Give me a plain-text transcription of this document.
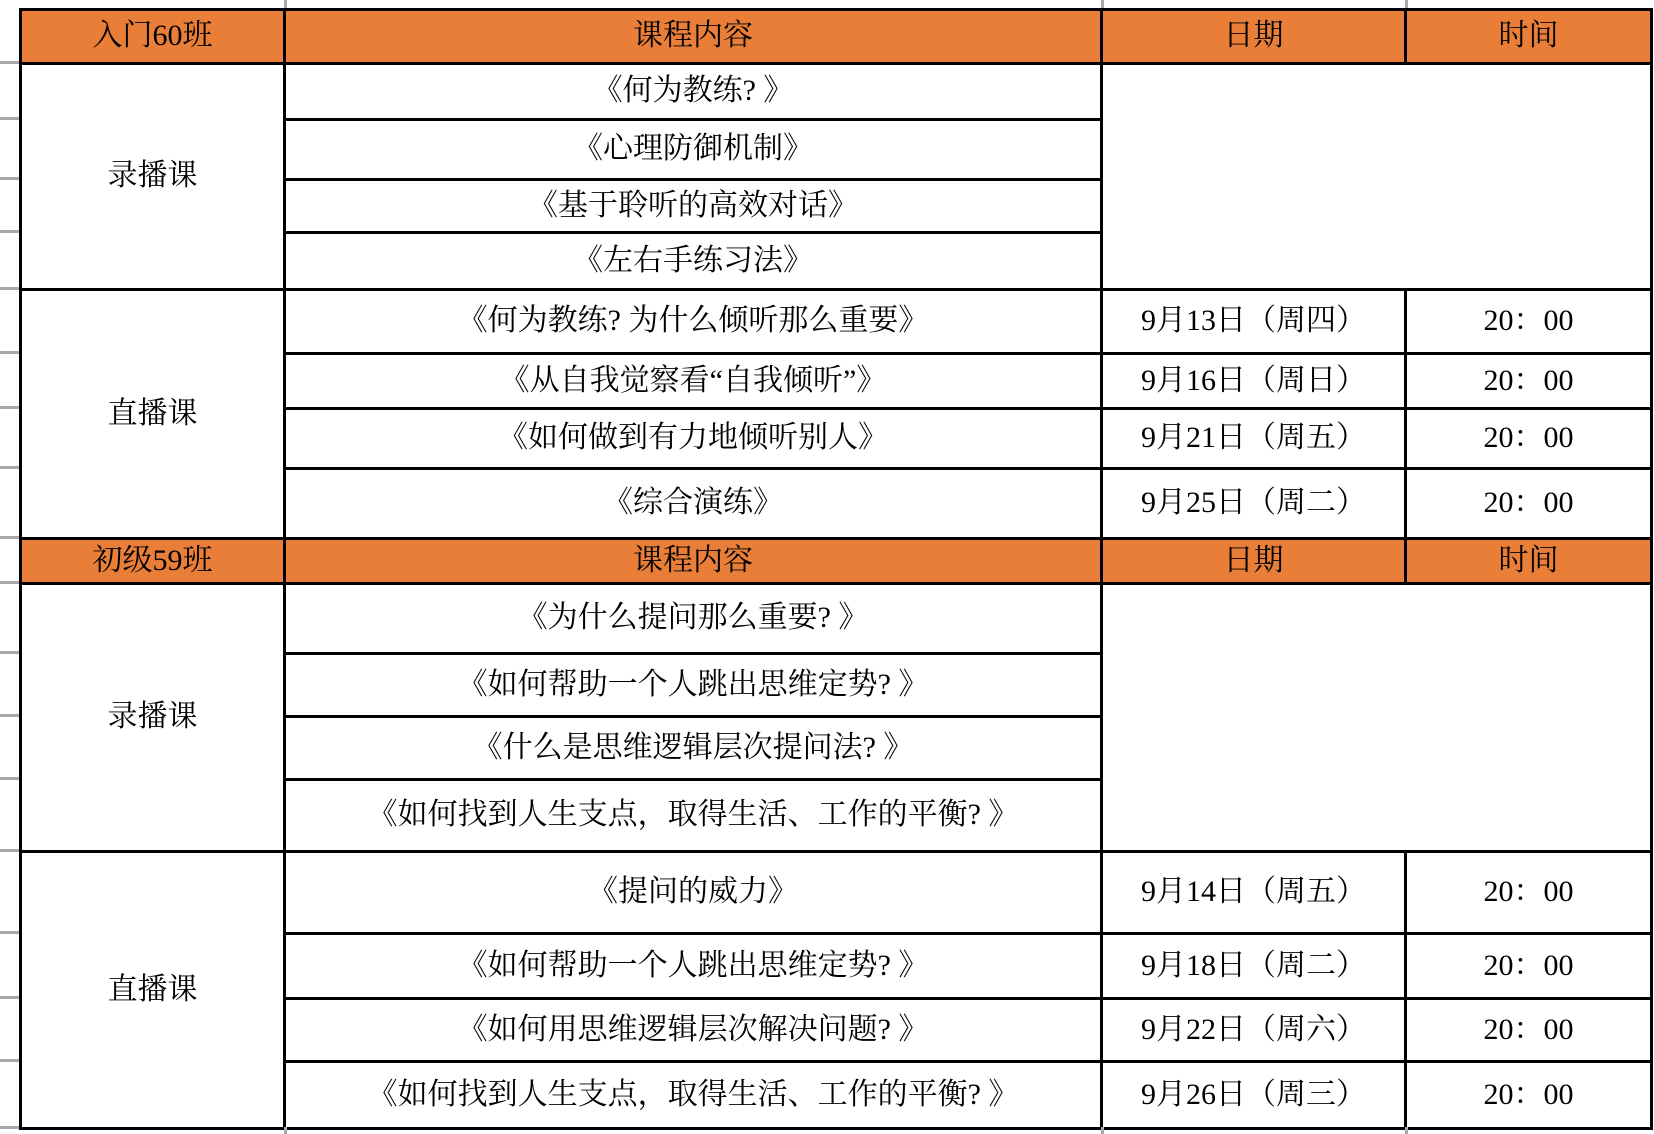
入门60班	课程内容	日期	时间
录播课
《何为教练? 》
《心理防御机制》
《基于聆听的高效对话》
《左右手练习法》
直播课
《何为教练? 为什么倾听那么重要》	9月13日（周四）	20：00
《从自我觉察看“自我倾听”》	9月16日（周日）	20：00
《如何做到有力地倾听别人》	9月21日（周五）	20：00
《综合演练》	9月25日（周二）	20：00
初级59班	课程内容	日期	时间
录播课
《为什么提问那么重要? 》
《如何帮助一个人跳出思维定势? 》
《什么是思维逻辑层次提问法? 》
《如何找到人生支点，取得生活、工作的平衡? 》
直播课
《提问的威力》	9月14日（周五）	20：00
《如何帮助一个人跳出思维定势? 》	9月18日（周二）	20：00
《如何用思维逻辑层次解决问题? 》	9月22日（周六）	20：00
《如何找到人生支点，取得生活、工作的平衡? 》	9月26日（周三）	20：00
